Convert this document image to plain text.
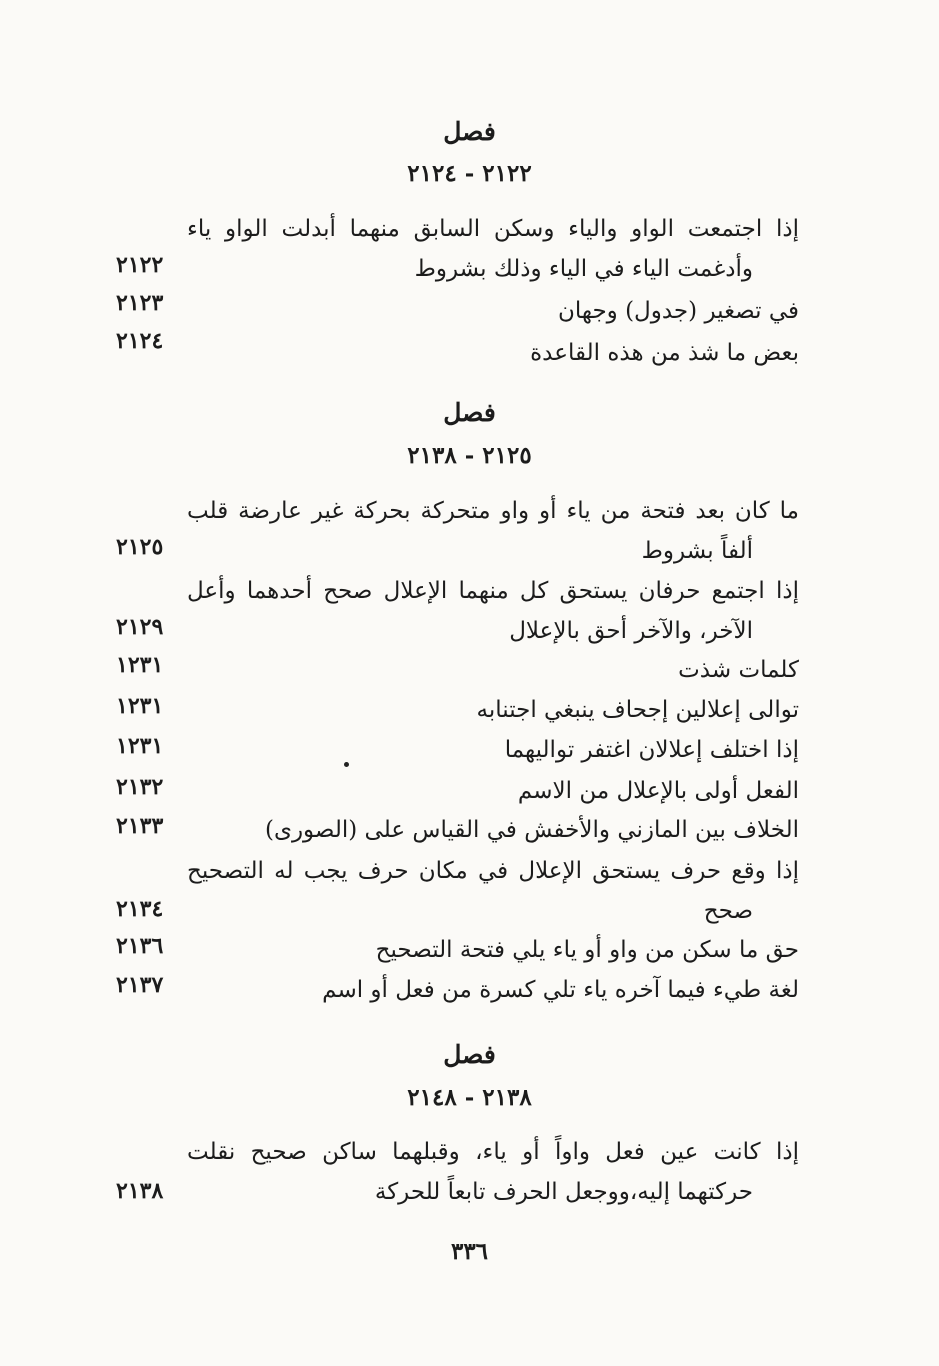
فصل
٢١٢٢ - ٢١٢٤
إذا اجتمعت الواو والياء وسكن السابق منهما أبدلت الواو ياء
وأدغمت الياء في الياء وذلك بشروط
٢١٢٢
في تصغير (جدول) وجهان
٢١٢٣
بعض ما شذ من هذه القاعدة
٢١٢٤
فصل
٢١٢٥ - ٢١٣٨
ما كان بعد فتحة من ياء أو واو متحركة بحركة غير عارضة قلب
ألفاً بشروط
٢١٢٥
إذا اجتمع حرفان يستحق كل منهما الإعلال صحح أحدهما وأعل
الآخر، والآخر أحق بالإعلال
٢١٢٩
كلمات شذت
١٢٣١
توالى إعلالين إجحاف ينبغي اجتنابه
١٢٣١
إذا اختلف إعلالان اغتفر تواليهما
١٢٣١
الفعل أولى بالإعلال من الاسم
٢١٣٢
الخلاف بين المازني والأخفش في القياس على (الصورى)
٢١٣٣
إذا وقع حرف يستحق الإعلال في مكان حرف يجب له التصحيح
صحح
٢١٣٤
حق ما سكن من واو أو ياء يلي فتحة التصحيح
٢١٣٦
لغة طيء فيما آخره ياء تلي كسرة من فعل أو اسم
٢١٣٧
فصل
٢١٣٨ - ٢١٤٨
إذا كانت عين فعل واواً أو ياء، وقبلهما ساكن صحيح نقلت
حركتهما إليه،ووجعل الحرف تابعاً للحركة
٢١٣٨
٣٣٦
